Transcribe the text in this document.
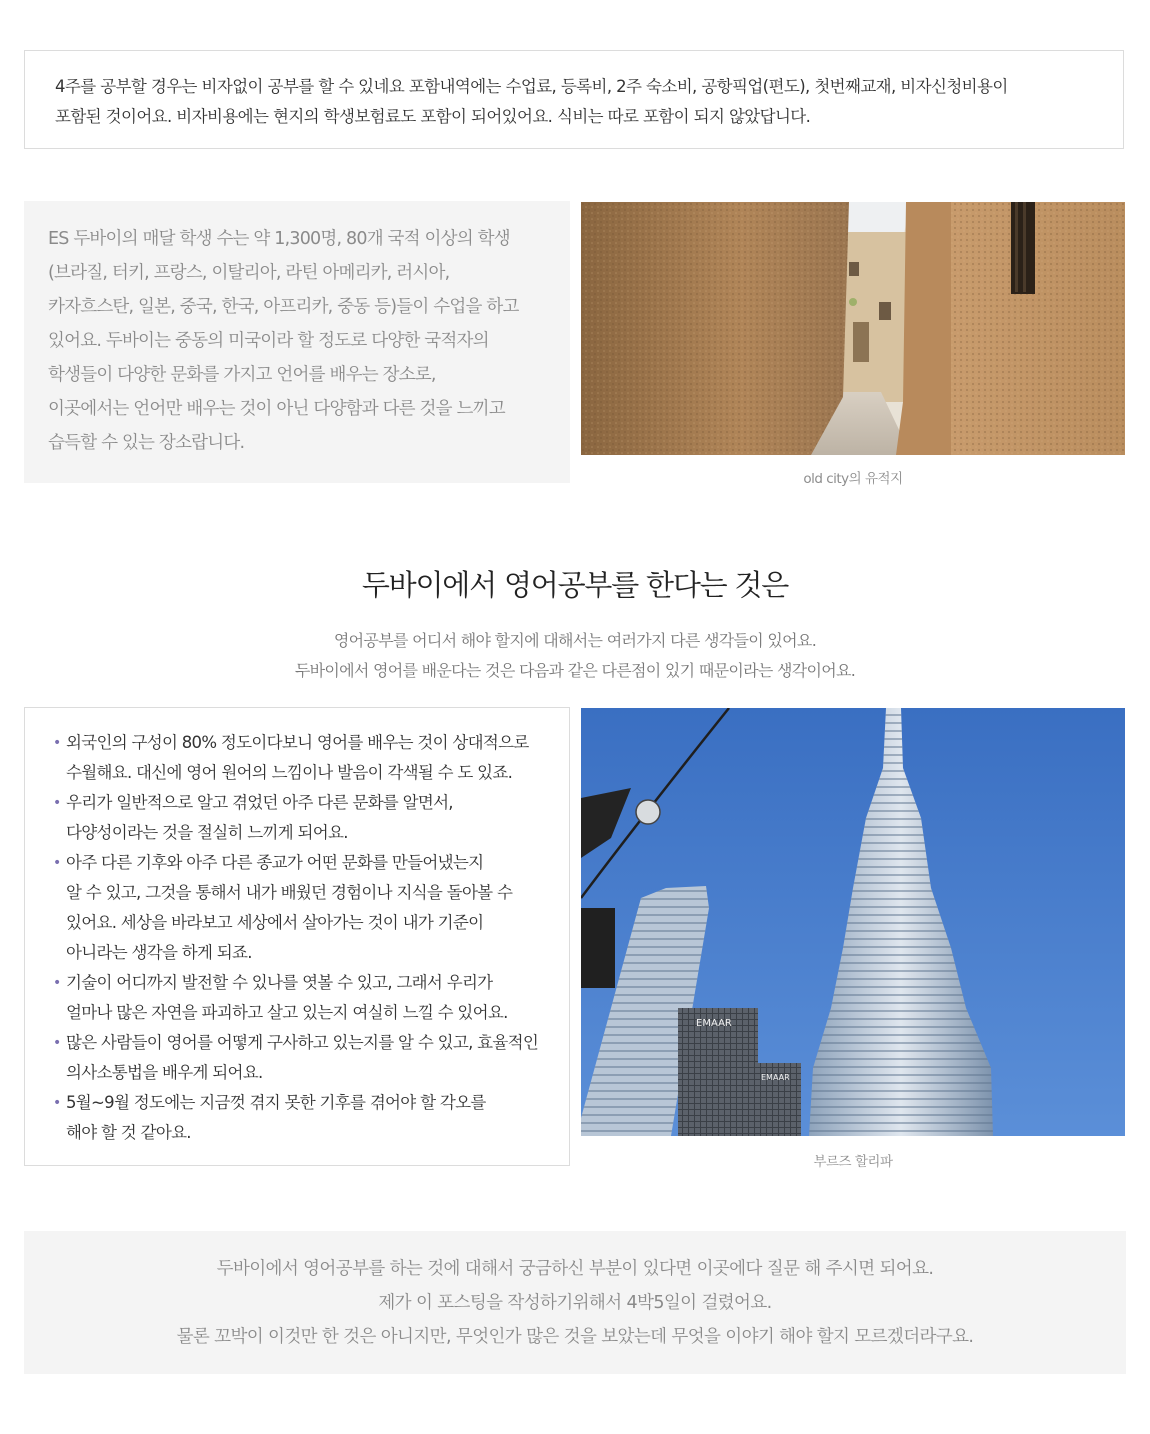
4주를 공부할 경우는 비자없이 공부를 할 수 있네요 포함내역에는 수업료, 등록비, 2주 숙소비, 공항픽업(편도), 첫번째교재, 비자신청비용이
포함된 것이어요. 비자비용에는 현지의 학생보험료도 포함이 되어있어요. 식비는 따로 포함이 되지 않았답니다.

ES 두바이의 매달 학생 수는 약 1,300명, 80개 국적 이상의 학생
(브라질, 터키, 프랑스, 이탈리아, 라틴 아메리카, 러시아,
카자흐스탄, 일본, 중국, 한국, 아프리카, 중동 등)들이 수업을 하고
있어요. 두바이는 중동의 미국이라 할 정도로 다양한 국적자의
학생들이 다양한 문화를 가지고 언어를 배우는 장소로,
이곳에서는 언어만 배우는 것이 아닌 다양함과 다른 것을 느끼고
습득할 수 있는 장소랍니다.

old city의 유적지
두바이에서 영어공부를 한다는 것은
영어공부를 어디서 해야 할지에 대해서는 여러가지 다른 생각들이 있어요.
두바이에서 영어를 배운다는 것은 다음과 같은 다른점이 있기 때문이라는 생각이어요.
• 외국인의 구성이 80% 정도이다보니 영어를 배우는 것이 상대적으로
수월해요. 대신에 영어 원어의 느낌이나 발음이 각색될 수 도 있죠.
• 우리가 일반적으로 알고 겪었던 아주 다른 문화를 알면서,
다양성이라는 것을 절실히 느끼게 되어요.
• 아주 다른 기후와 아주 다른 종교가 어떤 문화를 만들어냈는지
알 수 있고, 그것을 통해서 내가 배웠던 경험이나 지식을 돌아볼 수
있어요. 세상을 바라보고 세상에서 살아가는 것이 내가 기준이
아니라는 생각을 하게 되죠.
• 기술이 어디까지 발전할 수 있나를 엿볼 수 있고, 그래서 우리가
얼마나 많은 자연을 파괴하고 살고 있는지 여실히 느낄 수 있어요.
• 많은 사람들이 영어를 어떻게 구사하고 있는지를 알 수 있고, 효율적인
의사소통법을 배우게 되어요.
• 5월~9월 정도에는 지금껏 겪지 못한 기후를 겪어야 할 각오를
해야 할 것 같아요.
EMAAR
EMAAR
부르즈 할리파

두바이에서 영어공부를 하는 것에 대해서 궁금하신 부분이 있다면 이곳에다 질문 해 주시면 되어요.

제가 이 포스팅을 작성하기위해서 4박5일이 걸렸어요.

물론 꼬박이 이것만 한 것은 아니지만, 무엇인가 많은 것을 보았는데 무엇을 이야기 해야 할지 모르겠더라구요.
